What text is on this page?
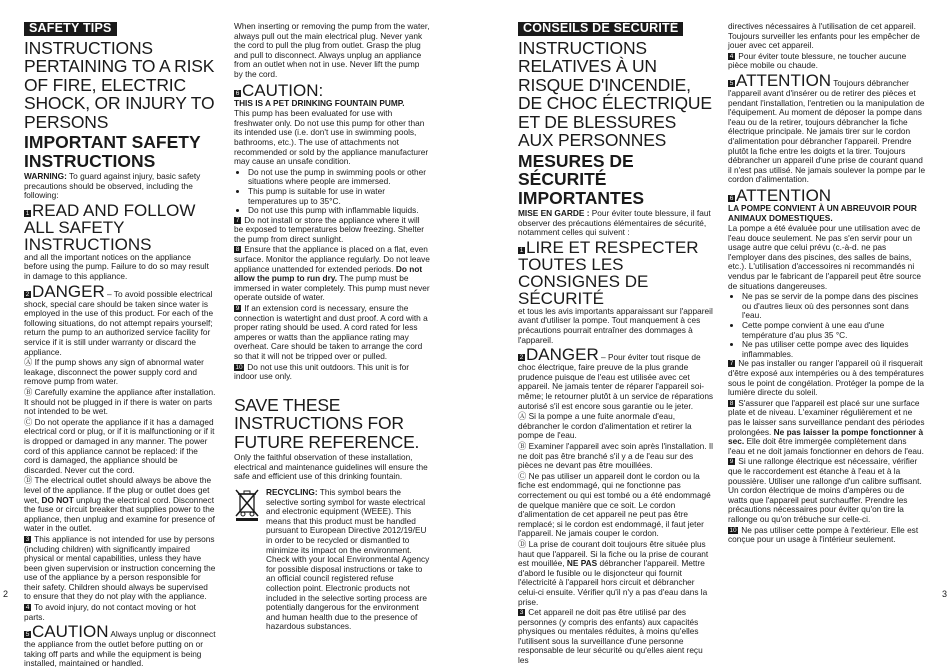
SAFETY TIPS
INSTRUCTIONS PERTAINING TO A RISK OF FIRE, ELECTRIC SHOCK, OR INJURY TO PERSONS
IMPORTANT SAFETY INSTRUCTIONS

WARNING: To guard against injury, basic safety precautions should be observed, including the following:

1 READ AND FOLLOW ALL SAFETY INSTRUCTIONS

and all the important notices on the appliance before using the pump. Failure to do so may result in damage to this appliance.

2 DANGER – To avoid possible electrical shock, special care should be taken since water is employed in the use of this product. For each of the following situations, do not attempt repairs yourself; return the pump to an authorized service facility for service if it is still under warranty or discard the appliance.

Ⓐ If the pump shows any sign of abnormal water leakage, disconnect the power supply cord and remove pump from water.

Ⓑ Carefully examine the appliance after installation. It should not be plugged in if there is water on parts not intended to be wet.

Ⓒ Do not operate the appliance if it has a damaged electrical cord or plug, or if it is malfunctioning or if it is dropped or damaged in any manner. The power cord of this appliance cannot be replaced: if the cord is damaged, the appliance should be discarded. Never cut the cord.

Ⓓ The electrical outlet should always be above the level of the appliance. If the plug or outlet does get wet, DO NOT unplug the electrical cord. Disconnect the fuse or circuit breaker that supplies power to the appliance, then unplug and examine for presence of water in the outlet.

3 This appliance is not intended for use by persons (including children) with significantly impaired physical or mental capabilities, unless they have been given supervision or instruction concerning the use of the appliance by a person responsible for their safety. Children should always be supervised to ensure that they do not play with the appliance.

4 To avoid injury, do not contact moving or hot parts.

5 CAUTION Always unplug or disconnect the appliance from the outlet before putting on or taking off parts and while the equipment is being installed, maintained or handled.

2

When inserting or removing the pump from the water, always pull out the main electrical plug. Never yank the cord to pull the plug from outlet. Grasp the plug and pull to disconnect. Always unplug an appliance from an outlet when not in use. Never lift the pump by the cord.

6 CAUTION:

THIS IS A PET DRINKING FOUNTAIN PUMP.

This pump has been evaluated for use with freshwater only. Do not use this pump for other than its intended use (i.e. don't use in swimming pools, bathrooms, etc.). The use of attachments not recommended or sold by the appliance manufacturer may cause an unsafe condition.

• Do not use the pump in swimming pools or other situations where people are immersed.
• This pump is suitable for use in water temperatures up to 35°C.
• Do not use this pump with inflammable liquids.

7 Do not install or store the appliance where it will be exposed to temperatures below freezing. Shelter the pump from direct sunlight.

8 Ensure that the appliance is placed on a flat, even surface. Monitor the appliance regularly. Do not leave appliance unattended for extended periods. Do not allow the pump to run dry. The pump must be immersed in water completely. This pump must never operate outside of water.

9 If an extension cord is necessary, ensure the connection is watertight and dust proof. A cord with a proper rating should be used. A cord rated for less amperes or watts than the appliance rating may overheat. Care should be taken to arrange the cord so that it will not be tripped over or pulled.

10 Do not use this unit outdoors. This unit is for indoor use only.

SAVE THESE INSTRUCTIONS FOR FUTURE REFERENCE.

Only the faithful observation of these installation, electrical and maintenance guidelines will ensure the safe and efficient use of this drinking fountain.

RECYCLING: This symbol bears the selective sorting symbol for waste electrical and electronic equipment (WEEE). This means that this product must be handled pursuant to European Directive 2012/19/EU in order to be recycled or dismantled to minimize its impact on the environment. Check with your local Environmental Agency for possible disposal instructions or take to an official council registered refuse collection point. Electronic products not included in the selective sorting process are potentially dangerous for the environment and human health due to the presence of hazardous substances.

CONSEILS DE SÉCURITÉ
INSTRUCTIONS RELATIVES À UN RISQUE D'INCENDIE, DE CHOC ÉLECTRIQUE ET DE BLESSURES AUX PERSONNES
MESURES DE SÉCURITÉ IMPORTANTES

MISE EN GARDE : Pour éviter toute blessure, il faut observer des précautions élémentaires de sécurité, notamment celles qui suivent :

1 LIRE ET RESPECTER TOUTES LES CONSIGNES DE SÉCURITÉ

et tous les avis importants apparaissant sur l'appareil avant d'utiliser la pompe. Tout manquement à ces précautions pourrait entraîner des dommages à l'appareil.

2 DANGER – Pour éviter tout risque de choc électrique, faire preuve de la plus grande prudence puisque de l'eau est utilisée avec cet appareil. Ne jamais tenter de réparer l'appareil soi-même; le retourner plutôt à un service de réparations autorisé s'il est encore sous garantie ou le jeter.

Ⓐ Si la pompe a une fuite anormale d'eau, débrancher le cordon d'alimentation et retirer la pompe de l'eau.

Ⓑ Examiner l'appareil avec soin après l'installation. Il ne doit pas être branché s'il y a de l'eau sur des pièces ne devant pas être mouillées.

Ⓒ Ne pas utiliser un appareil dont le cordon ou la fiche est endommagé, qui ne fonctionne pas correctement ou qui est tombé ou a été endommagé de quelque manière que ce soit. Le cordon d'alimentation de cet appareil ne peut pas être remplacé; si le cordon est endommagé, il faut jeter l'appareil. Ne jamais couper le cordon.

Ⓓ La prise de courant doit toujours être située plus haut que l'appareil. Si la fiche ou la prise de courant est mouillée, NE PAS débrancher l'appareil. Mettre d'abord le fusible ou le disjoncteur qui fournit l'électricité à l'appareil hors circuit et débrancher celui-ci ensuite. Vérifier qu'il n'y a pas d'eau dans la prise.

3 Cet appareil ne doit pas être utilisé par des personnes (y compris des enfants) aux capacités physiques ou mentales réduites, à moins qu'elles l'utilisent sous la surveillance d'une personne responsable de leur sécurité ou qu'elles aient reçu les

directives nécessaires à l'utilisation de cet appareil. Toujours surveiller les enfants pour les empêcher de jouer avec cet appareil.

4 Pour éviter toute blessure, ne toucher aucune pièce mobile ou chaude.

5 ATTENTION Toujours débrancher l'appareil avant d'insérer ou de retirer des pièces et pendant l'installation, l'entretien ou la manipulation de l'équipement. Au moment de déposer la pompe dans l'eau ou de la retirer, toujours débrancher la fiche électrique principale. Ne jamais tirer sur le cordon d'alimentation pour débrancher l'appareil. Prendre plutôt la fiche entre les doigts et la tirer. Toujours débrancher un appareil d'une prise de courant quand il n'est pas utilisé. Ne jamais soulever la pompe par le cordon d'alimentation.

6 ATTENTION

LA POMPE CONVIENT À UN ABREUVOIR POUR ANIMAUX DOMESTIQUES.

La pompe a été évaluée pour une utilisation avec de l'eau douce seulement. Ne pas s'en servir pour un usage autre que celui prévu (c.-à-d. ne pas l'employer dans des piscines, des salles de bains, etc.). L'utilisation d'accessoires ni recommandés ni vendus par le fabricant de l'appareil peut être source de situations dangereuses.

• Ne pas se servir de la pompe dans des piscines ou d'autres lieux où des personnes sont dans l'eau.
• Cette pompe convient à une eau d'une température d'au plus 35 °C.
• Ne pas utiliser cette pompe avec des liquides inflammables.

7 Ne pas installer ou ranger l'appareil où il risquerait d'être exposé aux intempéries ou à des températures sous le point de congélation. Protéger la pompe de la lumière directe du soleil.

8 S'assurer que l'appareil est placé sur une surface plate et de niveau. L'examiner régulièrement et ne pas le laisser sans surveillance pendant des périodes prolongées. Ne pas laisser la pompe fonctionner à sec. Elle doit être immergée complètement dans l'eau et ne doit jamais fonctionner en dehors de l'eau.

9 Si une rallonge électrique est nécessaire, vérifier que le raccordement est étanche à l'eau et à la poussière. Utiliser une rallonge d'un calibre suffisant. Un cordon électrique de moins d'ampères ou de watts que l'appareil peut surchauffer. Prendre les précautions nécessaires pour éviter qu'on tire la rallonge ou qu'on trébuche sur celle-ci.

10 Ne pas utiliser cette pompe à l'extérieur. Elle est conçue pour un usage à l'intérieur seulement.

3
